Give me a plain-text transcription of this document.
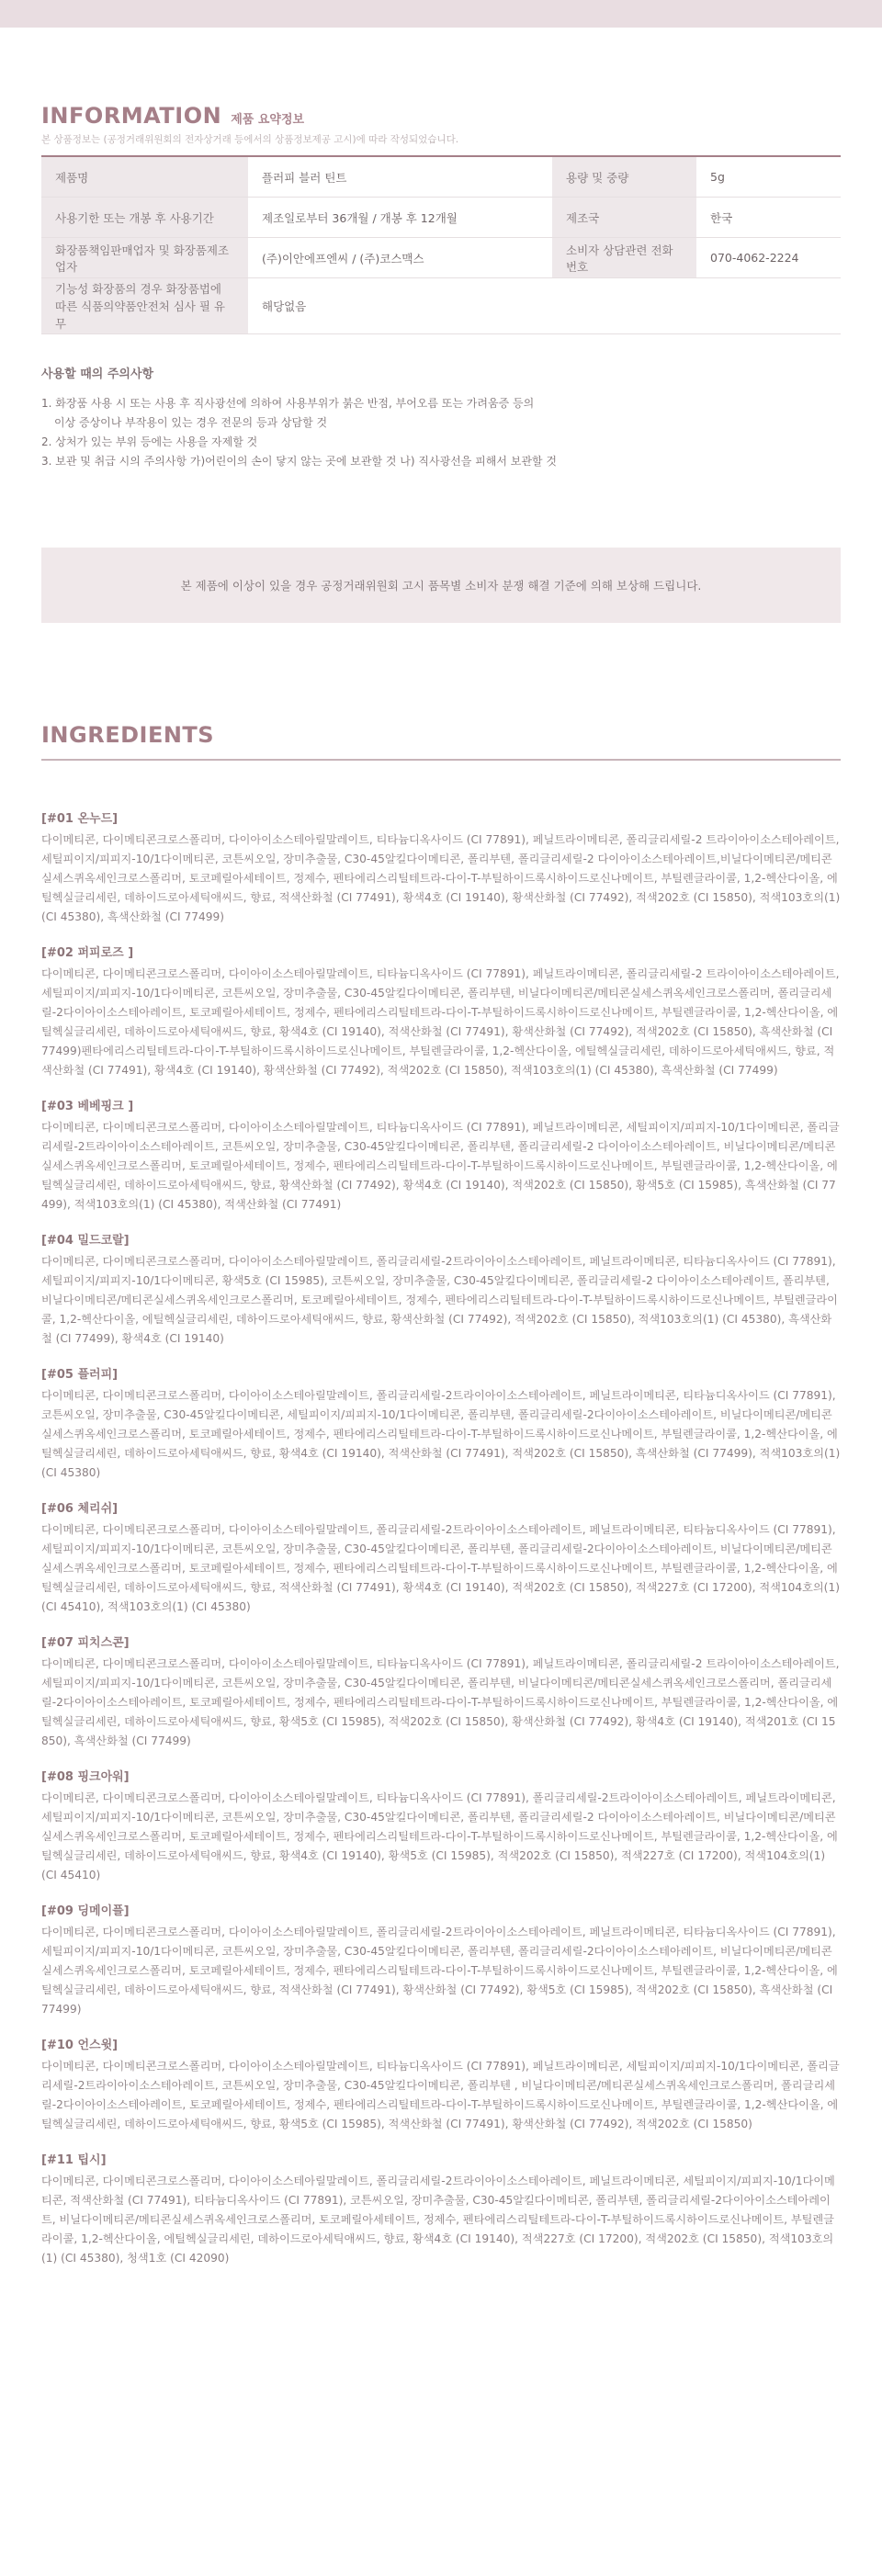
INFORMATION 제품 요약정보
본 상품정보는 (공정거래위원회의 전자상거래 등에서의 상품정보제공 고시)에 따라 작성되었습니다.
제품명	플러피 블러 틴트	용량 및 중량	5g
사용기한 또는 개봉 후 사용기간	제조일로부터 36개월 / 개봉 후 12개월	제조국	한국
화장품책임판매업자 및 화장품제조업자	(주)이안에프엔씨 / (주)코스맥스	소비자 상담관련 전화번호	070-4062-2224
기능성 화장품의 경우 화장품법에 따른 식품의약품안전처 심사 필 유무	해당없음		
사용할 때의 주의사항
1. 화장품 사용 시 또는 사용 후 직사광선에 의하여 사용부위가 붉은 반점, 부어오름 또는 가려움증 등의
이상 증상이나 부작용이 있는 경우 전문의 등과 상담할 것
2. 상처가 있는 부위 등에는 사용을 자제할 것
3. 보관 및 취급 시의 주의사항 가)어린이의 손이 닿지 않는 곳에 보관할 것 나) 직사광선을 피해서 보관할 것
본 제품에 이상이 있을 경우 공정거래위원회 고시 품목별 소비자 분쟁 해결 기준에 의해 보상해 드립니다.
INGREDIENTS
[#01 온누드]
다이메티콘, 다이메티콘크로스폴리머, 다이아이소스테아릴말레이트, 티타늄디옥사이드 (CI 77891), 페닐트라이메티콘, 폴리글리세릴-2 트라이아이소스테아레이트, 세틸피이지/피피지-10/1다이메티콘, 코튼씨오일, 장미추출물, C30-45알킬다이메티콘, 폴리부텐, 폴리글리세릴-2 다이아이소스테아레이트,비닐다이메티콘/메티콘실세스퀴옥세인크로스폴리머, 토코페릴아세테이트, 정제수, 펜타에리스리틸테트라-다이-T-부틸하이드록시하이드로신나메이트, 부틸렌글라이콜, 1,2-헥산다이올, 에틸헥실글리세린, 데하이드로아세틱애씨드, 향료, 적색산화철 (CI 77491), 황색4호 (CI 19140), 황색산화철 (CI 77492), 적색202호 (CI 15850), 적색103호의(1) (CI 45380), 흑색산화철 (CI 77499)
[#02 퍼피로즈 ]
다이메티콘, 다이메티콘크로스폴리머, 다이아이소스테아릴말레이트, 티타늄디옥사이드 (CI 77891), 페닐트라이메티콘, 폴리글리세릴-2 트라이아이소스테아레이트, 세틸피이지/피피지-10/1다이메티콘, 코튼씨오일, 장미추출물, C30-45알킬다이메티콘, 폴리부텐, 비닐다이메티콘/메티콘실세스퀴옥세인크로스폴리머, 폴리글리세릴-2다이아이소스테아레이트, 토코페릴아세테이트, 정제수, 펜타에리스리틸테트라-다이-T-부틸하이드록시하이드로신나메이트, 부틸렌글라이콜, 1,2-헥산다이올, 에틸헥실글리세린, 데하이드로아세틱애씨드, 향료, 황색4호 (CI 19140), 적색산화철 (CI 77491), 황색산화철 (CI 77492), 적색202호 (CI 15850), 흑색산화철 (CI 77499)펜타에리스리틸테트라-다이-T-부틸하이드록시하이드로신나메이트, 부틸렌글라이콜, 1,2-헥산다이올, 에틸헥실글리세린, 데하이드로아세틱애씨드, 향료, 적색산화철 (CI 77491), 황색4호 (CI 19140), 황색산화철 (CI 77492), 적색202호 (CI 15850), 적색103호의(1) (CI 45380), 흑색산화철 (CI 77499)
[#03 베베핑크 ]
다이메티콘, 다이메티콘크로스폴리머, 다이아이소스테아릴말레이트, 티타늄디옥사이드 (CI 77891), 페닐트라이메티콘, 세틸피이지/피피지-10/1다이메티콘, 폴리글리세릴-2트라이아이소스테아레이트, 코튼씨오일, 장미추출물, C30-45알킬다이메티콘, 폴리부텐, 폴리글리세릴-2 다이아이소스테아레이트, 비닐다이메티콘/메티콘실세스퀴옥세인크로스폴리머, 토코페릴아세테이트, 정제수, 펜타에리스리틸테트라-다이-T-부틸하이드록시하이드로신나메이트, 부틸렌글라이콜, 1,2-헥산다이올, 에틸헥실글리세린, 데하이드로아세틱애씨드, 향료, 황색산화철 (CI 77492), 황색4호 (CI 19140), 적색202호 (CI 15850), 황색5호 (CI 15985), 흑색산화철 (CI 77499), 적색103호의(1) (CI 45380), 적색산화철 (CI 77491)
[#04 밀드코랄]
다이메티콘, 다이메티콘크로스폴리머, 다이아이소스테아릴말레이트, 폴리글리세릴-2트라이아이소스테아레이트, 페닐트라이메티콘, 티타늄디옥사이드 (CI 77891), 세틸피이지/피피지-10/1다이메티콘, 황색5호 (CI 15985), 코튼씨오일, 장미추출물, C30-45알킬다이메티콘, 폴리글리세릴-2 다이아이소스테아레이트, 폴리부텐, 비닐다이메티콘/메티콘실세스퀴옥세인크로스폴리머, 토코페릴아세테이트, 정제수, 펜타에리스리틸테트라-다이-T-부틸하이드록시하이드로신나메이트, 부틸렌글라이콜, 1,2-헥산다이올, 에틸헥실글리세린, 데하이드로아세틱애씨드, 향료, 황색산화철 (CI 77492), 적색202호 (CI 15850), 적색103호의(1) (CI 45380), 흑색산화철 (CI 77499), 황색4호 (CI 19140)
[#05 플러피]
다이메티콘, 다이메티콘크로스폴리머, 다이아이소스테아릴말레이트, 폴리글리세릴-2트라이아이소스테아레이트, 페닐트라이메티콘, 티타늄디옥사이드 (CI 77891), 코튼씨오일, 장미추출물, C30-45알킬다이메티콘, 세틸피이지/피피지-10/1다이메티콘, 폴리부텐, 폴리글리세릴-2다이아이소스테아레이트, 비닐다이메티콘/메티콘실세스퀴옥세인크로스폴리머, 토코페릴아세테이트, 정제수, 펜타에리스리틸테트라-다이-T-부틸하이드록시하이드로신나메이트, 부틸렌글라이콜, 1,2-헥산다이올, 에틸헥실글리세린, 데하이드로아세틱애씨드, 향료, 황색4호 (CI 19140), 적색산화철 (CI 77491), 적색202호 (CI 15850), 흑색산화철 (CI 77499), 적색103호의(1) (CI 45380)
[#06 체리쉬]
다이메티콘, 다이메티콘크로스폴리머, 다이아이소스테아릴말레이트, 폴리글리세릴-2트라이아이소스테아레이트, 페닐트라이메티콘, 티타늄디옥사이드 (CI 77891), 세틸피이지/피피지-10/1다이메티콘, 코튼씨오일, 장미추출물, C30-45알킬다이메티콘, 폴리부텐, 폴리글리세릴-2다이아이소스테아레이트, 비닐다이메티콘/메티콘실세스퀴옥세인크로스폴리머, 토코페릴아세테이트, 정제수, 펜타에리스리틸테트라-다이-T-부틸하이드록시하이드로신나메이트, 부틸렌글라이콜, 1,2-헥산다이올, 에틸헥실글리세린, 데하이드로아세틱애씨드, 향료, 적색산화철 (CI 77491), 황색4호 (CI 19140), 적색202호 (CI 15850), 적색227호 (CI 17200), 적색104호의(1) (CI 45410), 적색103호의(1) (CI 45380)
[#07 피치스콘]
다이메티콘, 다이메티콘크로스폴리머, 다이아이소스테아릴말레이트, 티타늄디옥사이드 (CI 77891), 페닐트라이메티콘, 폴리글리세릴-2 트라이아이소스테아레이트, 세틸피이지/피피지-10/1다이메티콘, 코튼씨오일, 장미추출물, C30-45알킬다이메티콘, 폴리부텐, 비닐다이메티콘/메티콘실세스퀴옥세인크로스폴리머, 폴리글리세릴-2다이아이소스테아레이트, 토코페릴아세테이트, 정제수, 펜타에리스리틸테트라-다이-T-부틸하이드록시하이드로신나메이트, 부틸렌글라이콜, 1,2-헥산다이올, 에틸헥실글리세린, 데하이드로아세틱애씨드, 향료, 황색5호 (CI 15985), 적색202호 (CI 15850), 황색산화철 (CI 77492), 황색4호 (CI 19140), 적색201호 (CI 15850), 흑색산화철 (CI 77499)
[#08 핑크아워]
다이메티콘, 다이메티콘크로스폴리머, 다이아이소스테아릴말레이트, 티타늄디옥사이드 (CI 77891), 폴리글리세릴-2트라이아이소스테아레이트, 페닐트라이메티콘, 세틸피이지/피피지-10/1다이메티콘, 코튼씨오일, 장미추출물, C30-45알킬다이메티콘, 폴리부텐, 폴리글리세릴-2 다이아이소스테아레이트, 비닐다이메티콘/메티콘실세스퀴옥세인크로스폴리머, 토코페릴아세테이트, 정제수, 펜타에리스리틸테트라-다이-T-부틸하이드록시하이드로신나메이트, 부틸렌글라이콜, 1,2-헥산다이올, 에틸헥실글리세린, 데하이드로아세틱애씨드, 향료, 황색4호 (CI 19140), 황색5호 (CI 15985), 적색202호 (CI 15850), 적색227호 (CI 17200), 적색104호의(1) (CI 45410)
[#09 딩메이플]
다이메티콘, 다이메티콘크로스폴리머, 다이아이소스테아릴말레이트, 폴리글리세릴-2트라이아이소스테아레이트, 페닐트라이메티콘, 티타늄디옥사이드 (CI 77891), 세틸피이지/피피지-10/1다이메티콘, 코튼씨오일, 장미추출물, C30-45알킬다이메티콘, 폴리부텐, 폴리글리세릴-2다이아이소스테아레이트, 비닐다이메티콘/메티콘실세스퀴옥세인크로스폴리머, 토코페릴아세테이트, 정제수, 펜타에리스리틸테트라-다이-T-부틸하이드록시하이드로신나메이트, 부틸렌글라이콜, 1,2-헥산다이올, 에틸헥실글리세린, 데하이드로아세틱애씨드, 향료, 적색산화철 (CI 77491), 황색산화철 (CI 77492), 황색5호 (CI 15985), 적색202호 (CI 15850), 흑색산화철 (CI 77499)
[#10 언스윗]
다이메티콘, 다이메티콘크로스폴리머, 다이아이소스테아릴말레이트, 티타늄디옥사이드 (CI 77891), 페닐트라이메티콘, 세틸피이지/피피지-10/1다이메티콘, 폴리글리세릴-2트라이아이소스테아레이트, 코튼씨오일, 장미추출물, C30-45알킬다이메티콘, 폴리부텐 , 비닐다이메티콘/메티콘실세스퀴옥세인크로스폴리머, 폴리글리세릴-2다이아이소스테아레이트, 토코페릴아세테이트, 정제수, 펜타에리스리틸테트라-다이-T-부틸하이드록시하이드로신나메이트, 부틸렌글라이콜, 1,2-헥산다이올, 에틸헥실글리세린, 데하이드로아세틱애씨드, 향료, 황색5호 (CI 15985), 적색산화철 (CI 77491), 황색산화철 (CI 77492), 적색202호 (CI 15850)
[#11 팁시]
다이메티콘, 다이메티콘크로스폴리머, 다이아이소스테아릴말레이트, 폴리글리세릴-2트라이아이소스테아레이트, 페닐트라이메티콘, 세틸피이지/피피지-10/1다이메티콘, 적색산화철 (CI 77491), 티타늄디옥사이드 (CI 77891), 코튼씨오일, 장미추출물, C30-45알킬다이메티콘, 폴리부텐, 폴리글리세릴-2다이아이소스테아레이트, 비닐다이메티콘/메티콘실세스퀴옥세인크로스폴리머, 토코페릴아세테이트, 정제수, 펜타에리스리틸테트라-다이-T-부틸하이드록시하이드로신나메이트, 부틸렌글라이콜, 1,2-헥산다이올, 에틸헥실글리세린, 데하이드로아세틱애씨드, 향료, 황색4호 (CI 19140), 적색227호 (CI 17200), 적색202호 (CI 15850), 적색103호의(1) (CI 45380), 청색1호 (CI 42090)
